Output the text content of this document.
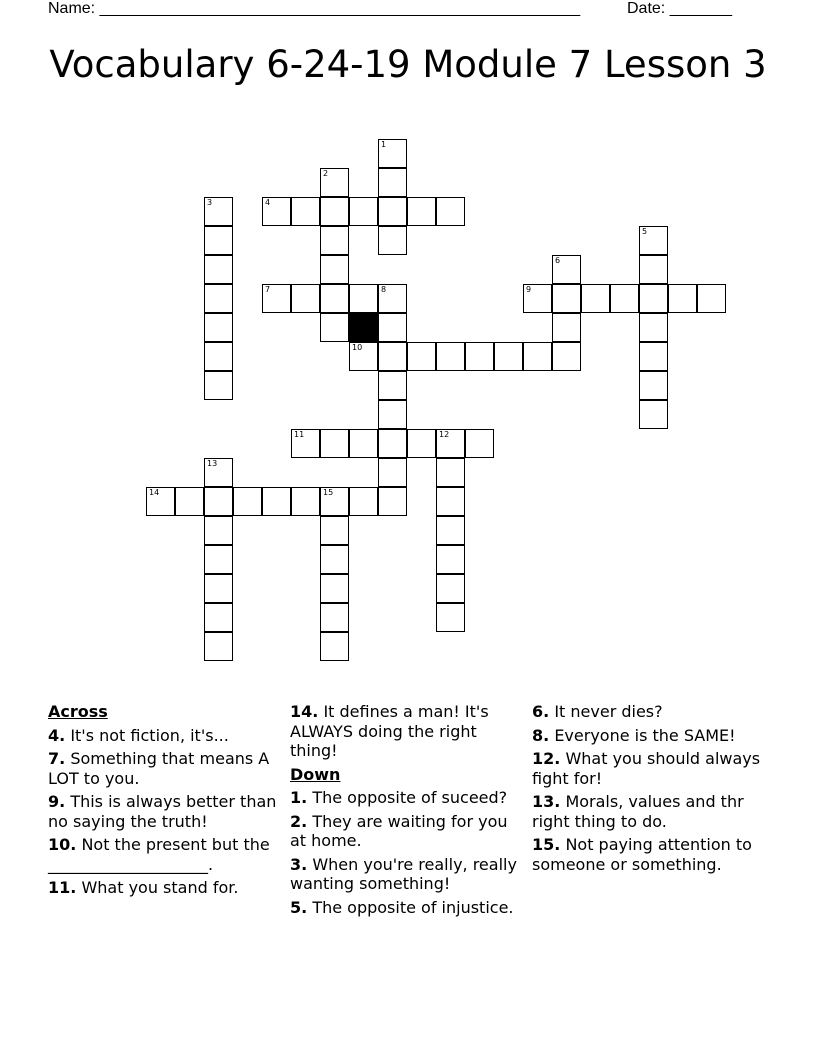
Name: ______________________________________________________	Date: _______
Vocabulary 6-24-19 Module 7 Lesson 3
1
2
3	4
5
6
7	8	9
10
11	12
13
14	15
Across
4. It's not fiction, it's...
7. Something that means A LOT to you.
9. This is always better than no saying the truth!
10. Not the present but the ____________________.
11. What you stand for.
14. It defines a man! It's ALWAYS doing the right thing!
Down
1. The opposite of suceed?
2. They are waiting for you at home.
3. When you're really, really wanting something!
5. The opposite of injustice.
6. It never dies?
8. Everyone is the SAME!
12. What you should always fight for!
13. Morals, values and thr right thing to do.
15. Not paying attention to someone or something.
